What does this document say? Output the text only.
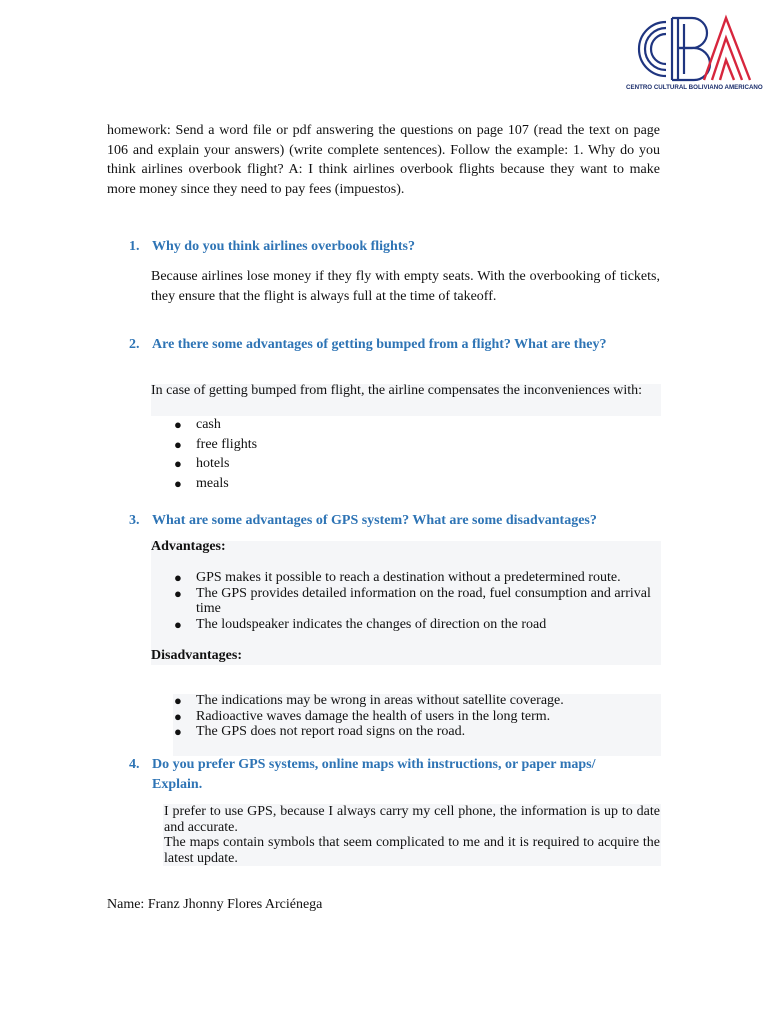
CENTRO CULTURAL BOLIVIANO AMERICANO
homework: Send a word file or pdf answering the questions on page 107 (read the text on page 106 and explain your answers) (write complete sentences). Follow the example: 1. Why do you think airlines overbook flight? A: I think airlines overbook flights because they want to make more money since they need to pay fees (impuestos).
1. Why do you think airlines overbook flights?
Because airlines lose money if they fly with empty seats. With the overbooking of tickets, they ensure that the flight is always full at the time of takeoff.
2. Are there some advantages of getting bumped from a flight? What are they?
In case of getting bumped from flight, the airline compensates the inconveniences with:
● cash
● free flights
● hotels
● meals
3. What are some advantages of GPS system? What are some disadvantages?
Advantages:
● GPS makes it possible to reach a destination without a predetermined route.
● The GPS provides detailed information on the road, fuel consumption and arrival time
● The loudspeaker indicates the changes of direction on the road
Disadvantages:
● The indications may be wrong in areas without satellite coverage.
● Radioactive waves damage the health of users in the long term.
● The GPS does not report road signs on the road.
4. Do you prefer GPS systems, online maps with instructions, or paper maps/ Explain.
I prefer to use GPS, because I always carry my cell phone, the information is up to date and accurate.
The maps contain symbols that seem complicated to me and it is required to acquire the latest update.
Name: Franz Jhonny Flores Arciénega
